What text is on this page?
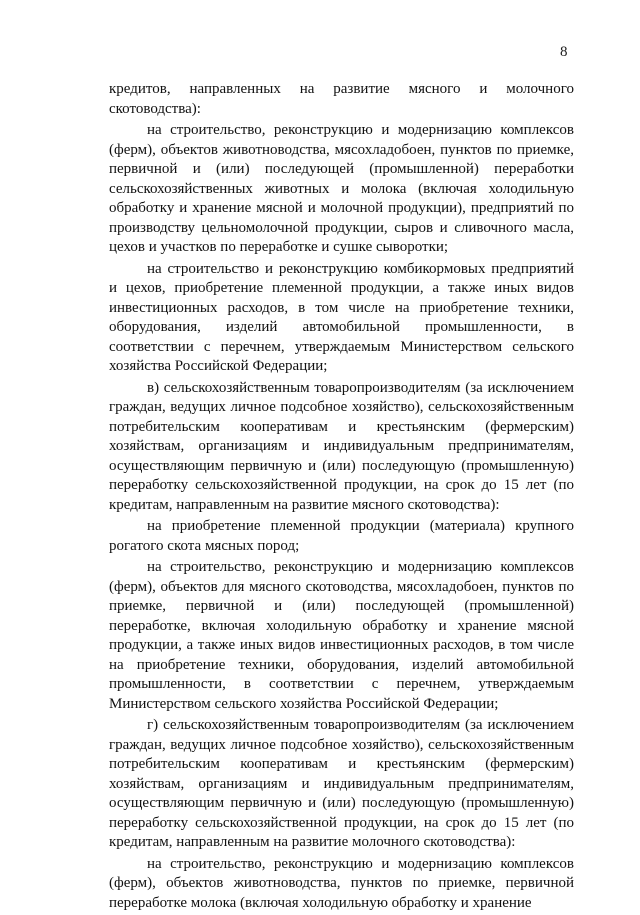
8

кредитов, направленных на развитие мясного и молочного скотоводства):

на строительство, реконструкцию и модернизацию комплексов (ферм), объектов животноводства, мясохладобоен, пунктов по приемке, первичной и (или) последующей (промышленной) переработки сельскохозяйственных животных и молока (включая холодильную обработку и хранение мясной и молочной продукции), предприятий по производству цельномолочной продукции, сыров и сливочного масла, цехов и участков по переработке и сушке сыворотки;

на строительство и реконструкцию комбикормовых предприятий и цехов, приобретение племенной продукции, а также иных видов инвестиционных расходов, в том числе на приобретение техники, оборудования, изделий автомобильной промышленности, в соответствии с перечнем, утверждаемым Министерством сельского хозяйства Российской Федерации;

в) сельскохозяйственным товаропроизводителям (за исключением граждан, ведущих личное подсобное хозяйство), сельскохозяйственным потребительским кооперативам и крестьянским (фермерским) хозяйствам, организациям и индивидуальным предпринимателям, осуществляющим первичную и (или) последующую (промышленную) переработку сельскохозяйственной продукции, на срок до 15 лет (по кредитам, направленным на развитие мясного скотоводства):

на приобретение племенной продукции (материала) крупного рогатого скота мясных пород;

на строительство, реконструкцию и модернизацию комплексов (ферм), объектов для мясного скотоводства, мясохладобоен, пунктов по приемке, первичной и (или) последующей (промышленной) переработке, включая холодильную обработку и хранение мясной продукции, а также иных видов инвестиционных расходов, в том числе на приобретение техники, оборудования, изделий автомобильной промышленности, в соответствии с перечнем, утверждаемым Министерством сельского хозяйства Российской Федерации;

г) сельскохозяйственным товаропроизводителям (за исключением граждан, ведущих личное подсобное хозяйство), сельскохозяйственным потребительским кооперативам и крестьянским (фермерским) хозяйствам, организациям и индивидуальным предпринимателям, осуществляющим первичную и (или) последующую (промышленную) переработку сельскохозяйственной продукции, на срок до 15 лет (по кредитам, направленным на развитие молочного скотоводства):

на строительство, реконструкцию и модернизацию комплексов (ферм), объектов животноводства, пунктов по приемке, первичной переработке молока (включая холодильную обработку и хранение
